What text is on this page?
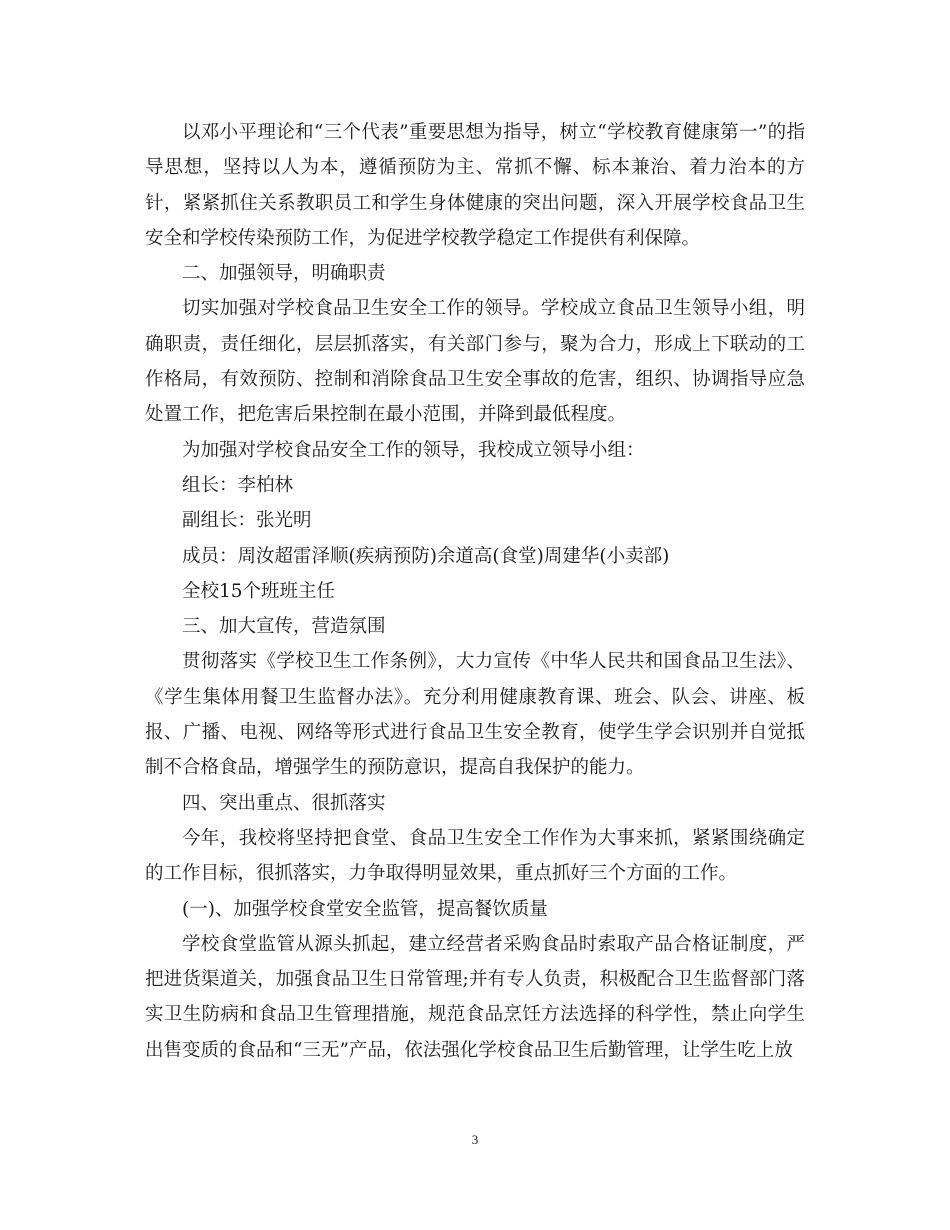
以邓小平理论和“三个代表”重要思想为指导，树立“学校教育健康第一”的指导思想，坚持以人为本，遵循预防为主、常抓不懈、标本兼治、着力治本的方针，紧紧抓住关系教职员工和学生身体健康的突出问题，深入开展学校食品卫生安全和学校传染预防工作，为促进学校教学稳定工作提供有利保障。

二、加强领导，明确职责

切实加强对学校食品卫生安全工作的领导。学校成立食品卫生领导小组，明确职责，责任细化，层层抓落实，有关部门参与，聚为合力，形成上下联动的工作格局，有效预防、控制和消除食品卫生安全事故的危害，组织、协调指导应急处置工作，把危害后果控制在最小范围，并降到最低程度。

为加强对学校食品安全工作的领导，我校成立领导小组：

组长：李柏林

副组长：张光明

成员：周汝超雷泽顺(疾病预防)余道高(食堂)周建华(小卖部)

全校15个班班主任

三、加大宣传，营造氛围

贯彻落实《学校卫生工作条例》，大力宣传《中华人民共和国食品卫生法》、《学生集体用餐卫生监督办法》。充分利用健康教育课、班会、队会、讲座、板报、广播、电视、网络等形式进行食品卫生安全教育，使学生学会识别并自觉抵制不合格食品，增强学生的预防意识，提高自我保护的能力。

四、突出重点、很抓落实

今年，我校将坚持把食堂、食品卫生安全工作作为大事来抓，紧紧围绕确定的工作目标，很抓落实，力争取得明显效果，重点抓好三个方面的工作。

(一)、加强学校食堂安全监管，提高餐饮质量

学校食堂监管从源头抓起，建立经营者采购食品时索取产品合格证制度，严把进货渠道关，加强食品卫生日常管理;并有专人负责，积极配合卫生监督部门落实卫生防病和食品卫生管理措施，规范食品烹饪方法选择的科学性，禁止向学生出售变质的食品和“三无”产品，依法强化学校食品卫生后勤管理，让学生吃上放

3
